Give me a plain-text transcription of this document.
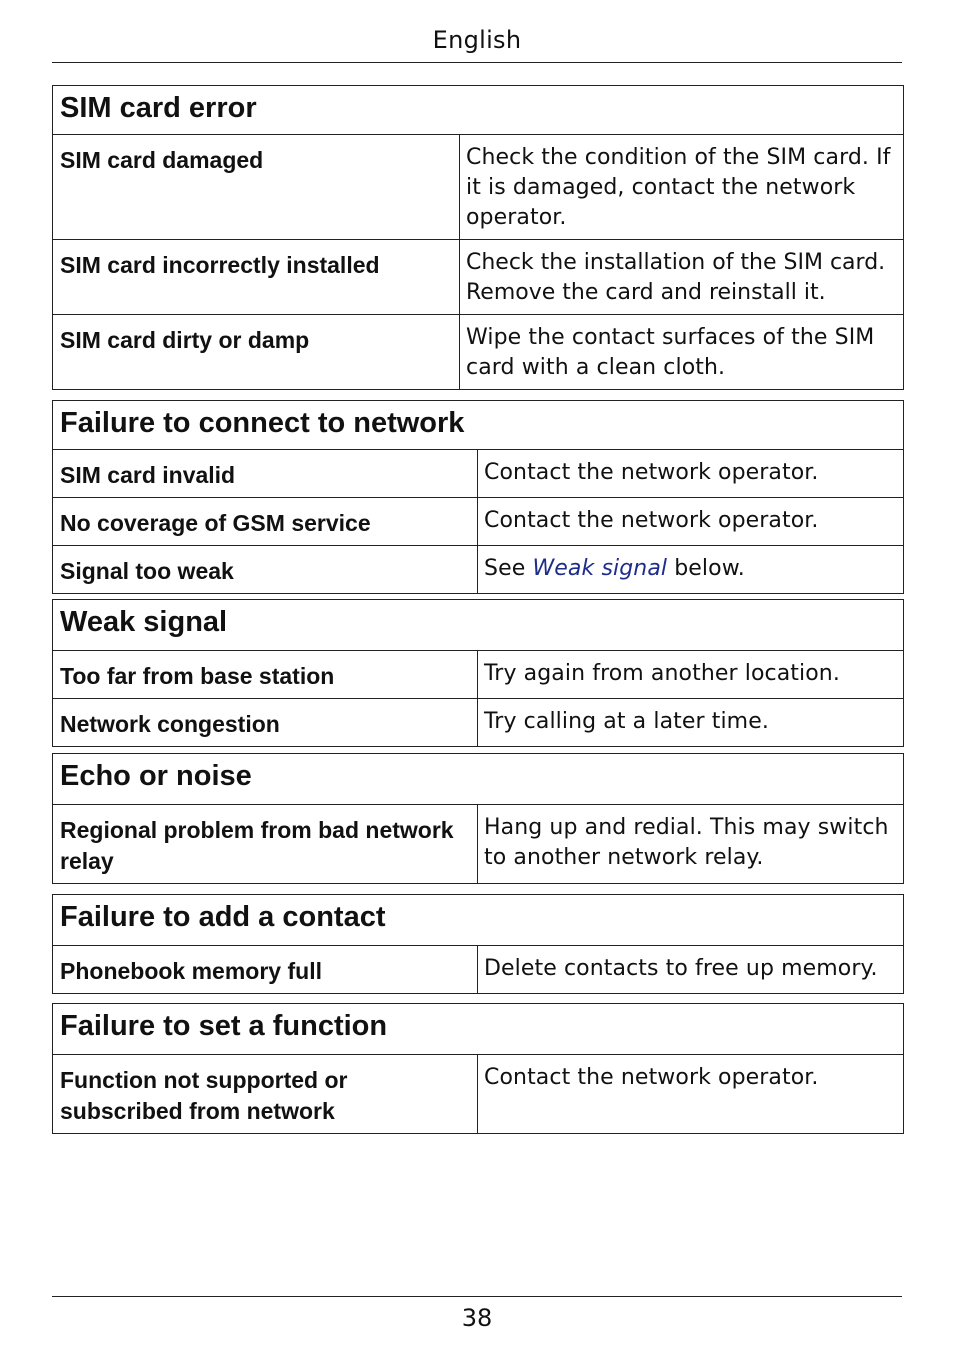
English
SIM card error	
SIM card damaged	Check the condition of the SIM card. If it is damaged, contact the network operator.
SIM card incorrectly installed	Check the installation of the SIM card. Remove the card and reinstall it.
SIM card dirty or damp	Wipe the contact surfaces of the SIM card with a clean cloth.
Failure to connect to network	
SIM card invalid	Contact the network operator.
No coverage of GSM service	Contact the network operator.
Signal too weak	See Weak signal below.
Weak signal	
Too far from base station	Try again from another location.
Network congestion	Try calling at a later time.
Echo or noise
Regional problem from bad network relay	Hang up and redial. This may switch to another network relay.
Failure to add a contact
Phonebook memory full	Delete contacts to free up memory.
Failure to set a function
Function not supported or subscribed from network	Contact the network operator.
38
